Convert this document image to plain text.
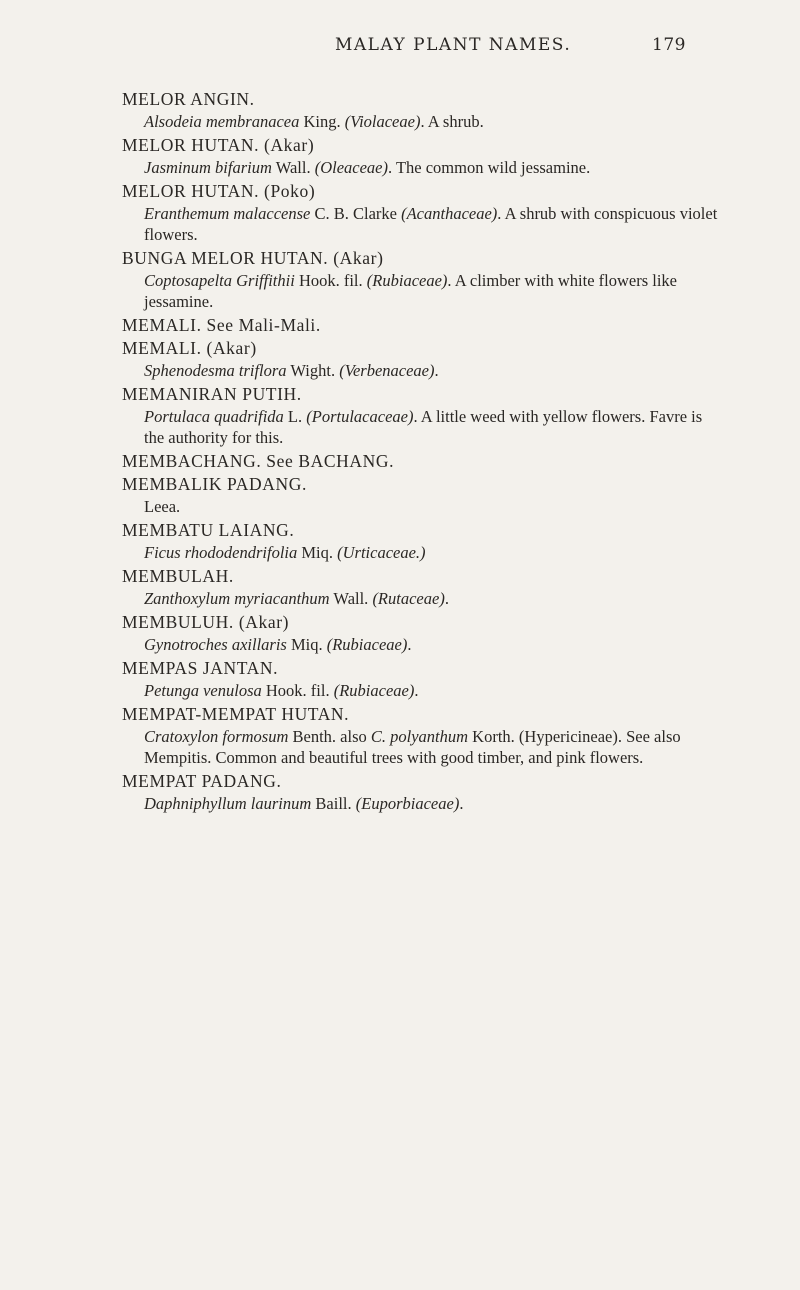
MALAY PLANT NAMES.	179
MELOR ANGIN.
Alsodeia membranacea King. (Violaceae). A shrub.
MELOR HUTAN. (Akar)
Jasminum bifarium Wall. (Oleaceae). The common wild jessamine.
MELOR HUTAN. (Poko)
Eranthemum malaccense C. B. Clarke (Acanthaceae). A shrub with conspicuous violet flowers.
BUNGA MELOR HUTAN. (Akar)
Coptosapelta Griffithii Hook. fil. (Rubiaceae). A climber with white flowers like jessamine.
MEMALI. See Mali-Mali.
MEMALI. (Akar)
Sphenodesma triflora Wight. (Verbenaceae).
MEMANIRAN PUTIH.
Portulaca quadrifida L. (Portulacaceae). A little weed with yellow flowers. Favre is the authority for this.
MEMBACHANG. See BACHANG.
MEMBALIK PADANG.
Leea.
MEMBATU LAIANG.
Ficus rhododendrifolia Miq. (Urticaceae.)
MEMBULAH.
Zanthoxylum myriacanthum Wall. (Rutaceae).
MEMBULUH. (Akar)
Gynotroches axillaris Miq. (Rubiaceae).
MEMPAS JANTAN.
Petunga venulosa Hook. fil. (Rubiaceae).
MEMPAT-MEMPAT HUTAN.
Cratoxylon formosum Benth. also C. polyanthum Korth. (Hypericineae). See also Mempitis. Common and beautiful trees with good timber, and pink flowers.
MEMPAT PADANG.
Daphniphyllum laurinum Baill. (Euporbiaceae).
